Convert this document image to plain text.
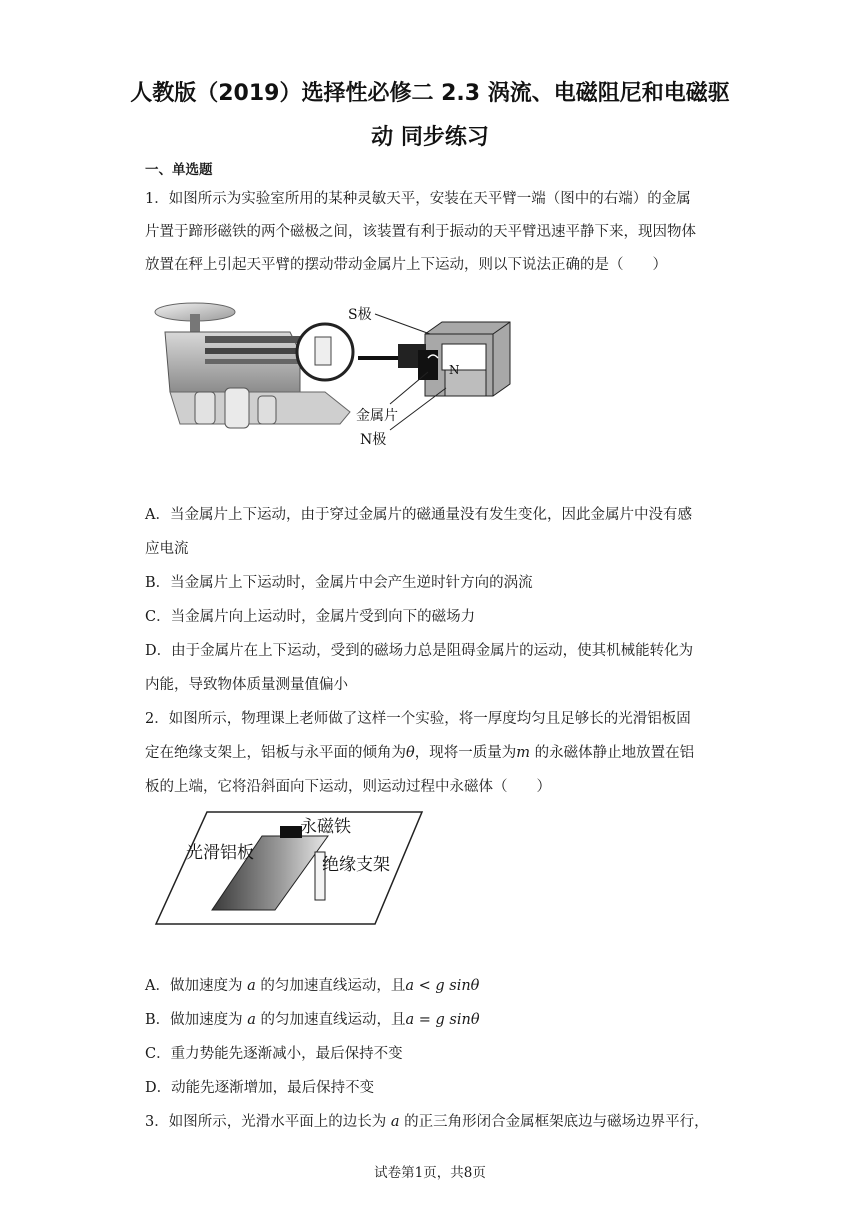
人教版（2019）选择性必修二 2.3 涡流、电磁阻尼和电磁驱
动 同步练习
一、单选题
1．如图所示为实验室所用的某种灵敏天平，安装在天平臂一端（图中的右端）的金属
片置于蹄形磁铁的两个磁极之间，该装置有利于振动的天平臂迅速平静下来，现因物体
放置在秤上引起天平臂的摆动带动金属片上下运动，则以下说法正确的是（　　）
N
S极
金属片
N极
A．当金属片上下运动，由于穿过金属片的磁通量没有发生变化，因此金属片中没有感
应电流
B．当金属片上下运动时，金属片中会产生逆时针方向的涡流
C．当金属片向上运动时，金属片受到向下的磁场力
D．由于金属片在上下运动，受到的磁场力总是阻碍金属片的运动，使其机械能转化为
内能，导致物体质量测量值偏小
2．如图所示，物理课上老师做了这样一个实验，将一厚度均匀且足够长的光滑铝板固
定在绝缘支架上，铝板与永平面的倾角为θ，现将一质量为m 的永磁体静止地放置在铝
板的上端，它将沿斜面向下运动，则运动过程中永磁体（　　）
永磁铁
光滑铝板
绝缘支架
A．做加速度为 a 的匀加速直线运动，且a < g sinθ
B．做加速度为 a 的匀加速直线运动，且a = g sinθ
C．重力势能先逐渐减小，最后保持不变
D．动能先逐渐增加，最后保持不变
3．如图所示，光滑水平面上的边长为 a 的正三角形闭合金属框架底边与磁场边界平行，
试卷第1页，共8页
